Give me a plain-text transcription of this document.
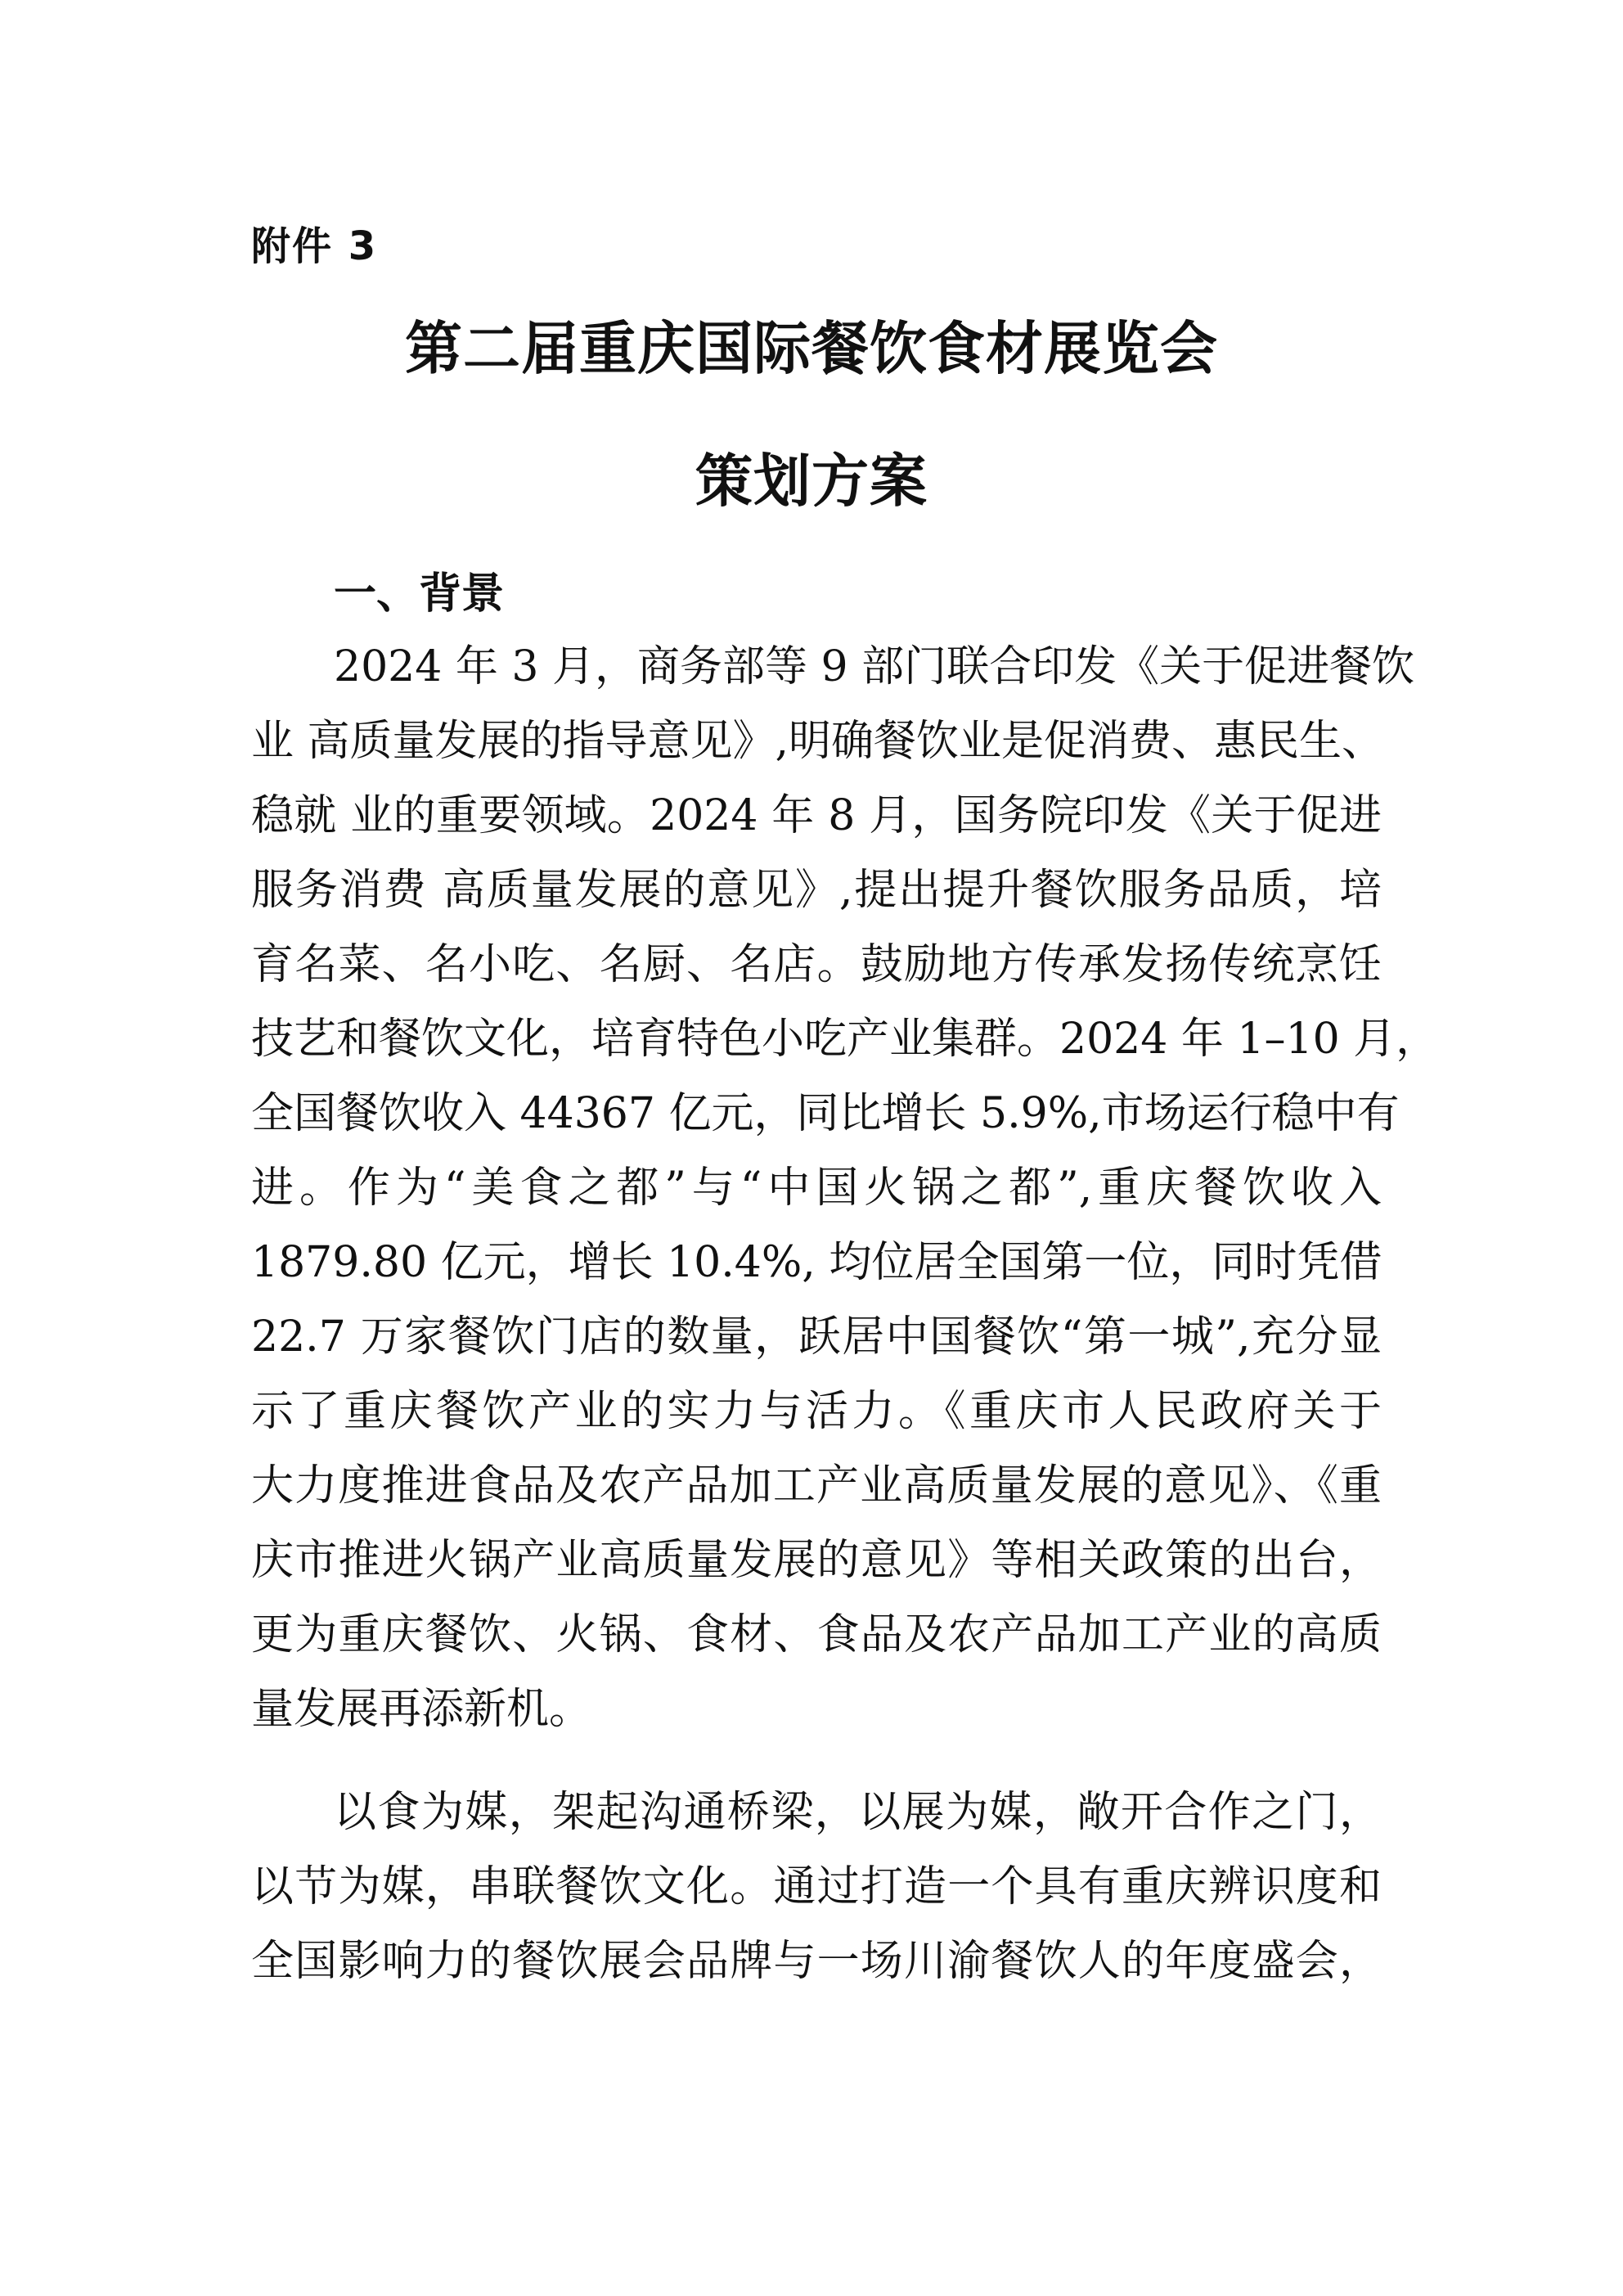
附件 3
第二届重庆国际餐饮食材展览会
策划方案
一、背景
2024 年 3 月，商务部等 9 部门联合印发《关于促进餐饮
业 高质量发展的指导意见》,明确餐饮业是促消费、惠民生、
稳就 业的重要领域。2024 年 8 月，国务院印发《关于促进
服务消费 高质量发展的意见》,提出提升餐饮服务品质，培
育名菜、名小吃、名厨、名店。鼓励地方传承发扬传统烹饪
技艺和餐饮文化，培育特色小吃产业集群。2024 年 1–10 月，
全国餐饮收入 44367 亿元，同比增长 5.9%,市场运行稳中有
进。作为“美食之都”与“中国火锅之都”,重庆餐饮收入
1879.80 亿元，增长 10.4%, 均位居全国第一位，同时凭借
22.7 万家餐饮门店的数量，跃居中国餐饮“第一城”,充分显
示了重庆餐饮产业的实力与活力。《重庆市人民政府关于
大力度推进食品及农产品加工产业高质量发展的意见》、《重
庆市推进火锅产业高质量发展的意见》等相关政策的出台，
更为重庆餐饮、火锅、食材、食品及农产品加工产业的高质
量发展再添新机。
以食为媒，架起沟通桥梁，以展为媒，敞开合作之门，
以节为媒，串联餐饮文化。通过打造一个具有重庆辨识度和
全国影响力的餐饮展会品牌与一场川渝餐饮人的年度盛会，
